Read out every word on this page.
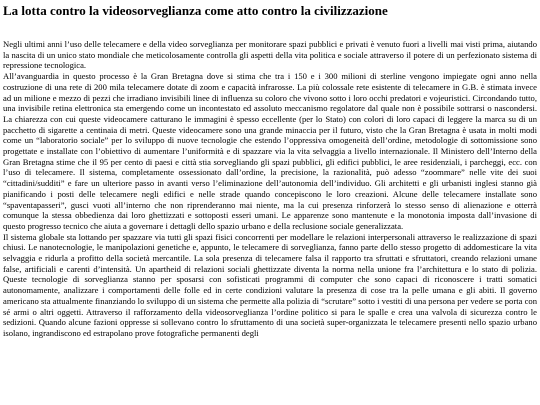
La lotta contro la videosorveglianza come atto contro la civilizzazione

Negli ultimi anni l’uso delle telecamere e della video sorveglianza per monitorare spazi pubblici e privati è venuto fuori a livelli mai visti prima, aiutando la nascita di un unico stato mondiale che meticolosamente controlla gli aspetti della vita politica e sociale attraverso il potere di un perfezionato sistema di repressione tecnologica.

All’avanguardia in questo processo è la Gran Bretagna dove si stima che tra i 150 e i 300 milioni di sterline vengono impiegate ogni anno nella costruzione di una rete di 200 mila telecamere dotate di zoom e capacità infrarosse. La più colossale rete esistente di telecamere in G.B. è stimata invece ad un milione e mezzo di pezzi che irradiano invisibili linee di influenza su coloro che vivono sotto i loro occhi predatori e vojeuristici. Circondando tutto, una invisibile retina elettronica sta emergendo come un incontestato ed assoluto meccanismo regolatore dal quale non è possibile sottrarsi o nascondersi. La chiarezza con cui queste videocamere catturano le immagini è spesso eccellente (per lo Stato) con colori di loro capaci di leggere la marca su di un pacchetto di sigarette a centinaia di metri. Queste videocamere sono una grande minaccia per il futuro, visto che la Gran Bretagna è usata in molti modi come un “laboratorio sociale” per lo sviluppo di nuove tecnologie che estendo l’oppressiva omogeneità dell’ordine, metodologie di sottomissione sono progettate e installate con l’obiettivo di aumentare l’uniformità e di spazzare via la vita selvaggia a livello internazionale. Il Ministero dell’Interno della Gran Bretagna stime che il 95 per cento di paesi e città stia sorvegliando gli spazi pubblici, gli edifici pubblici, le aree residenziali, i parcheggi, ecc. con l’uso di telecamere. Il sistema, completamente ossessionato dall’ordine, la precisione, la razionalità, può adesso “zoommare” nelle vite dei suoi “cittadini/sudditi” e fare un ulteriore passo in avanti verso l’eliminazione dell’autonomia dell’individuo. Gli architetti e gli urbanisti inglesi stanno già pianificando i posti delle telecamere negli edifici e nelle strade quando concepiscono le loro creazioni. Alcune delle telecamere installate sono “spaventapasseri”, gusci vuoti all’interno che non riprenderanno mai niente, ma la cui presenza rinforzerà lo stesso senso di alienazione e otterrà comunque la stessa obbedienza dai loro ghettizzati e sottoposti esseri umani. Le apparenze sono mantenute e la monotonia imposta dall’invasione di questo progresso tecnico che aiuta a governare i dettagli dello spazio urbano e della reclusione sociale generalizzata.

Il sistema globale sta lottando per spazzare via tutti gli spazi fisici concorrenti per modellare le relazioni interpersonali attraverso le realizzazione di spazi chiusi. Le nanotecnologie, le manipolazioni genetiche e, appunto, le telecamere di sorveglianza, fanno parte dello stesso progetto di addomesticare la vita selvaggia e ridurla a profitto della società mercantile. La sola presenza di telecamere falsa il rapporto tra sfruttati e sfruttatori, creando relazioni umane false, artificiali e carenti d’intensità. Un apartheid di relazioni sociali ghettizzate diventa la norma nella unione fra l’architettura e lo stato di polizia. Queste tecnologie di sorveglianza stanno per sposarsi con sofisticati programmi di computer che sono capaci di riconoscere i tratti somatici autonomamente, analizzare i comportamenti delle folle ed in certe condizioni valutare la presenza di cose tra la pelle umana e gli abiti. Il governo americano sta attualmente finanziando lo sviluppo di un sistema che permette alla polizia di “scrutare” sotto i vestiti di una persona per vedere se porta con sé armi o altri oggetti. Attraverso il rafforzamento della videosorveglianza l’ordine politico si para le spalle e crea una valvola di sicurezza contro le sedizioni. Quando alcune fazioni oppresse si sollevano contro lo sfruttamento di una società super-organizzata le telecamere presenti nello spazio urbano isolano, ingrandiscono ed estrapolano prove fotografiche permanenti degli
